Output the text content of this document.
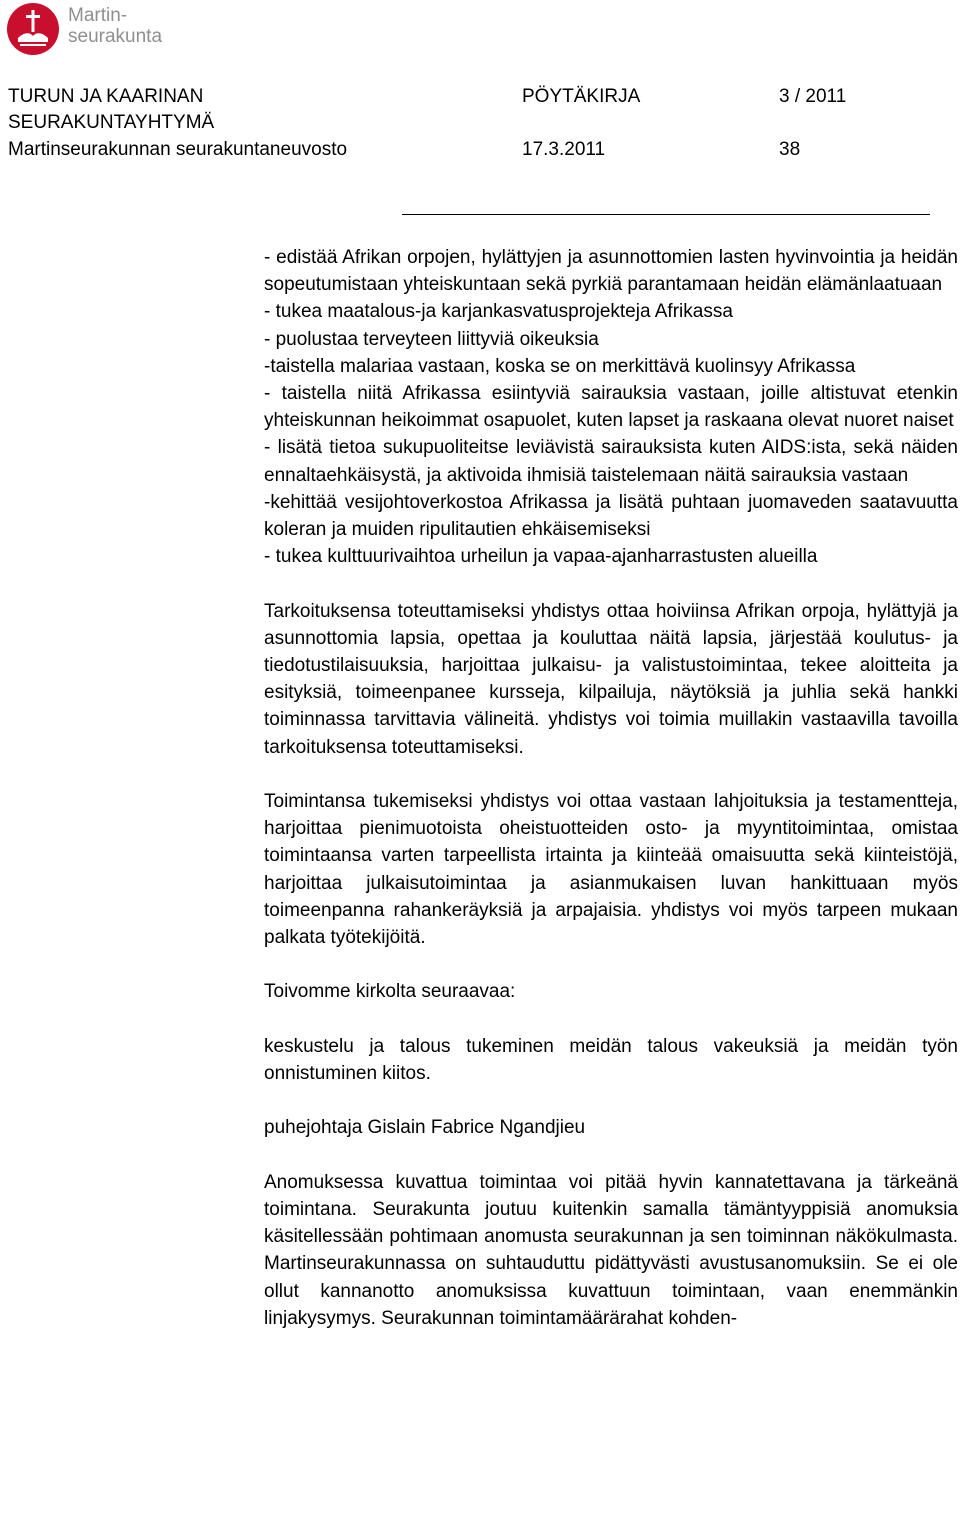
Martin-
seurakunta
TURUN JA KAARINAN
SEURAKUNTAYHTYMÄ
Martinseurakunnan seurakuntaneuvosto
PÖYTÄKIRJA	3 / 2011
17.3.2011	38

- edistää Afrikan orpojen, hylättyjen ja asunnottomien lasten hyvinvointia ja heidän sopeutumistaan yhteiskuntaan sekä pyrkiä parantamaan heidän elämänlaatuaan

- tukea maatalous-ja karjankasvatusprojekteja Afrikassa

- puolustaa terveyteen liittyviä oikeuksia

-taistella malariaa vastaan, koska se on merkittävä kuolinsyy Afrikassa

- taistella niitä Afrikassa esiintyviä sairauksia vastaan, joille altistuvat etenkin yhteiskunnan heikoimmat osapuolet, kuten lapset ja raskaana olevat nuoret naiset

- lisätä tietoa sukupuoliteitse leviävistä sairauksista kuten AIDS:ista, sekä näiden ennaltaehkäisystä, ja aktivoida ihmisiä taistelemaan näitä sairauksia vastaan

-kehittää vesijohtoverkostoa Afrikassa ja lisätä puhtaan juomaveden saatavuutta koleran ja muiden ripulitautien ehkäisemiseksi

- tukea kulttuurivaihtoa urheilun ja vapaa-ajanharrastusten alueilla

Tarkoituksensa toteuttamiseksi yhdistys ottaa hoiviinsa Afrikan orpoja, hylättyjä ja asunnottomia lapsia, opettaa ja kouluttaa näitä lapsia, järjestää koulutus- ja tiedotustilaisuuksia, harjoittaa julkaisu- ja valistustoimintaa, tekee aloitteita ja esityksiä, toimeenpanee kursseja, kilpailuja, näytöksiä ja juhlia sekä hankki toiminnassa tarvittavia välineitä. yhdistys voi toimia muillakin vastaavilla tavoilla tarkoituksensa toteuttamiseksi.

Toimintansa tukemiseksi yhdistys voi ottaa vastaan lahjoituksia ja testamentteja, harjoittaa pienimuotoista oheistuotteiden osto- ja myyntitoimintaa, omistaa toimintaansa varten tarpeellista irtainta ja kiinteää omaisuutta sekä kiinteistöjä, harjoittaa julkaisutoimintaa ja asianmukaisen luvan hankittuaan myös toimeenpanna rahankeräyksiä ja arpajaisia. yhdistys voi myös tarpeen mukaan palkata työtekijöitä.

Toivomme kirkolta seuraavaa:

keskustelu ja talous tukeminen meidän talous vakeuksiä ja meidän työn onnistuminen kiitos.

puhejohtaja Gislain Fabrice Ngandjieu

Anomuksessa kuvattua toimintaa voi pitää hyvin kannatettavana ja tärkeänä toimintana. Seurakunta joutuu kuitenkin samalla tämäntyyppisiä anomuksia käsitellessään pohtimaan anomusta seurakunnan ja sen toiminnan näkökulmasta. Martinseurakunnassa on suhtauduttu pidättyvästi avustusanomuksiin. Se ei ole ollut kannanotto anomuksissa kuvattuun toimintaan, vaan enemmänkin linjakysymys. Seurakunnan toimintamäärärahat kohden-
